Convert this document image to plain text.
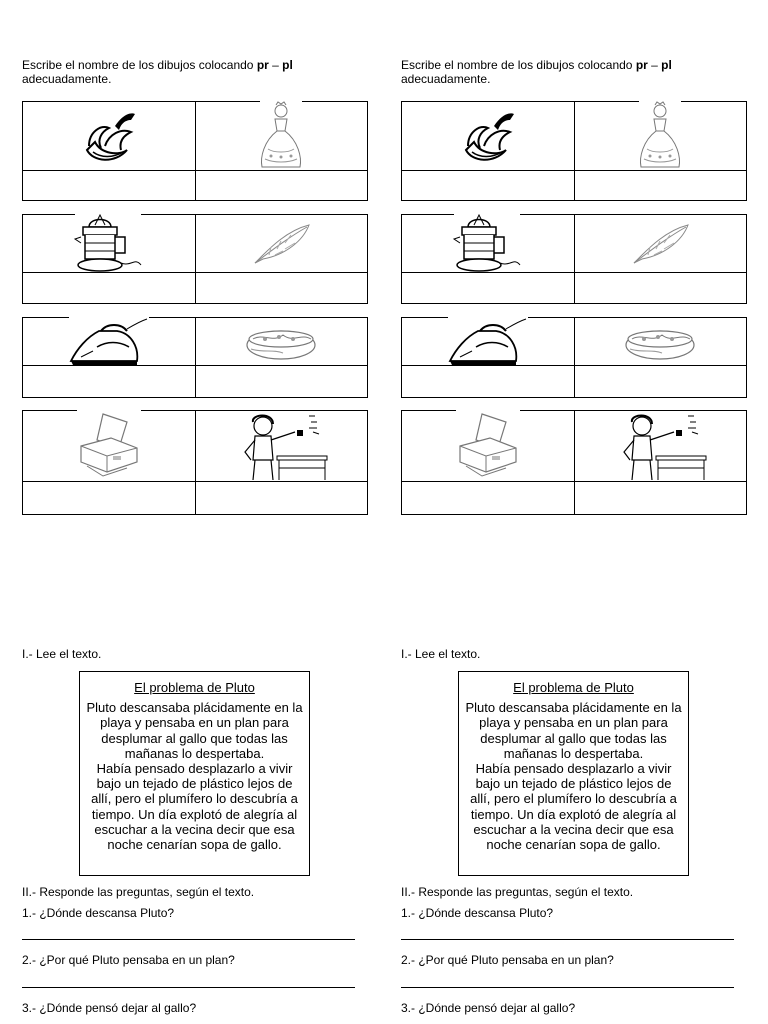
Escribe el nombre de los dibujos colocando pr – pl
adecuadamente.
I.- Lee el texto.
El problema de Pluto
Pluto descansaba plácidamente en la playa y pensaba en un plan para desplumar al gallo que todas las mañanas lo despertaba.
Había pensado desplazarlo a vivir bajo un tejado de plástico lejos de allí, pero el plumífero lo descubría a tiempo. Un día explotó de alegría al escuchar a la vecina decir que esa noche cenarían sopa de gallo.
II.- Responde las preguntas, según el texto.
1.- ¿Dónde descansa Pluto?
2.- ¿Por qué Pluto pensaba en un plan?
3.- ¿Dónde pensó dejar al gallo?
Escribe el nombre de los dibujos colocando pr – pl
adecuadamente.
I.- Lee el texto.
El problema de Pluto
Pluto descansaba plácidamente en la playa y pensaba en un plan para desplumar al gallo que todas las mañanas lo despertaba.
Había pensado desplazarlo a vivir bajo un tejado de plástico lejos de allí, pero el plumífero lo descubría a tiempo. Un día explotó de alegría al escuchar a la vecina decir que esa noche cenarían sopa de gallo.
II.- Responde las preguntas, según el texto.
1.- ¿Dónde descansa Pluto?
2.- ¿Por qué Pluto pensaba en un plan?
3.- ¿Dónde pensó dejar al gallo?
